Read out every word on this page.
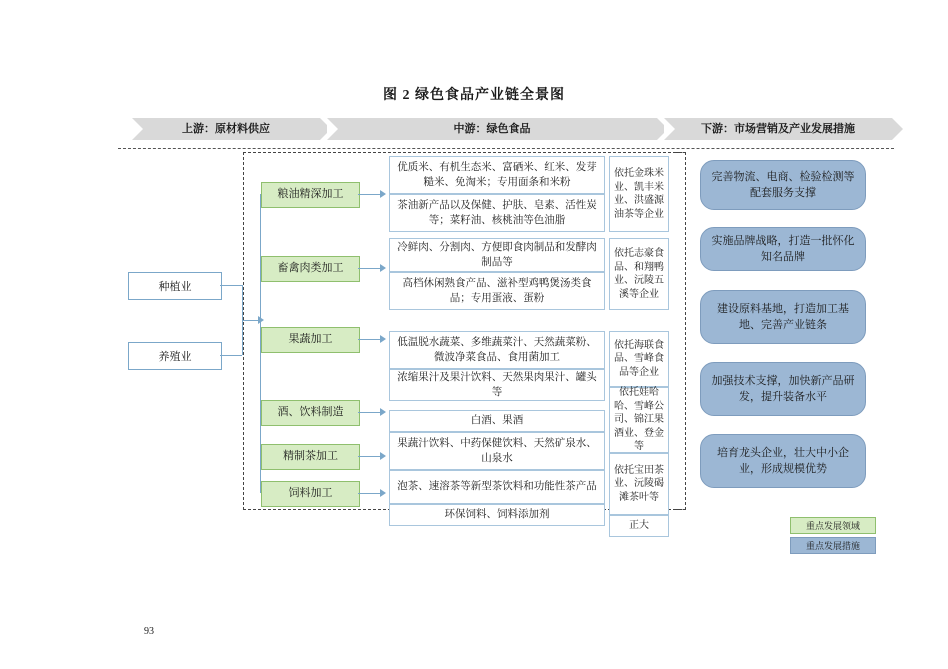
图 2 绿色食品产业链全景图
上游：原材料供应	中游：绿色食品	下游：市场营销及产业发展措施
种植业
养殖业
粮油精深加工
畜禽肉类加工
果蔬加工
酒、饮料制造
精制茶加工
饲料加工
优质米、有机生态米、富硒米、红米、发芽糙米、免淘米；专用面条和米粉
茶油新产品以及保健、护肤、皂素、活性炭等；菜籽油、核桃油等色油脂
冷鲜肉、分割肉、方便即食肉制品和发酵肉制品等
高档休闲熟食产品、滋补型鸡鸭煲汤类食品；专用蛋液、蛋粉
低温脱水蔬菜、多维蔬菜汁、天然蔬菜粉、微波净菜食品、食用菌加工
浓缩果汁及果汁饮料、天然果肉果汁、罐头等
白酒、果酒
果蔬汁饮料、中药保健饮料、天然矿泉水、山泉水
泡茶、速溶茶等新型茶饮料和功能性茶产品
环保饲料、饲料添加剂
依托金珠米业、凯丰米业、洪盛源油茶等企业
依托志豪食品、和翔鸭业、沅陵五溪等企业
依托海联食品、雪峰食品等企业
依托娃哈哈、雪峰公司、锦江果酒业、登金等
依托宝田茶业、沅陵碣滩茶叶等
正大
完善物流、电商、检验检测等配套服务支撑
实施品牌战略，打造一批怀化知名品牌
建设原料基地，打造加工基地、完善产业链条
加强技术支撑，加快新产品研发，提升装备水平
培育龙头企业，壮大中小企业，形成规模优势
重点发展领域
重点发展措施
93
